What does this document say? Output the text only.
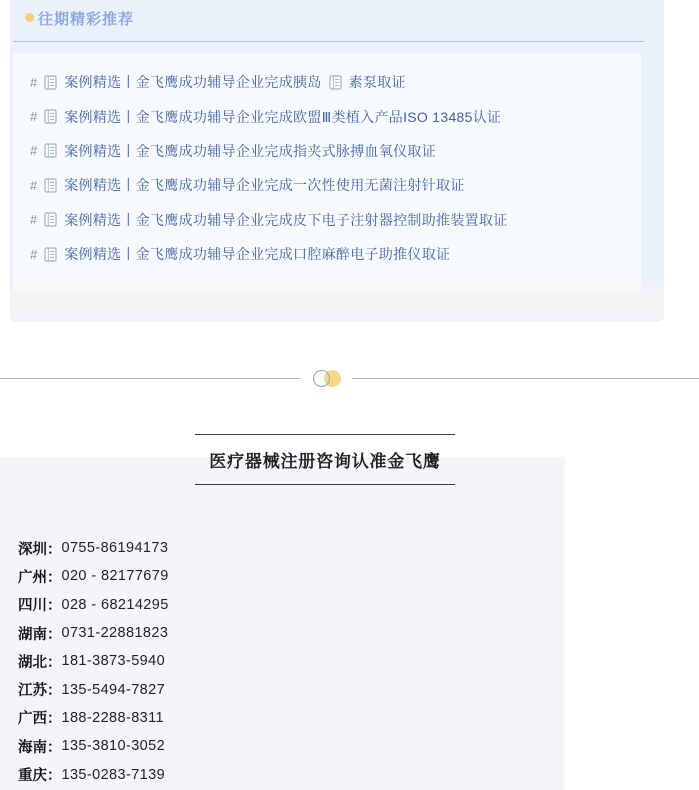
往期精彩推荐
# 案例精选丨金飞鹰成功辅导企业完成胰岛 素泵取证
# 案例精选丨金飞鹰成功辅导企业完成欧盟Ⅲ类植入产品ISO 13485认证
# 案例精选丨金飞鹰成功辅导企业完成指夹式脉搏血氧仪取证
# 案例精选丨金飞鹰成功辅导企业完成一次性使用无菌注射针取证
# 案例精选丨金飞鹰成功辅导企业完成皮下电子注射器控制助推装置取证
# 案例精选丨金飞鹰成功辅导企业完成口腔麻醉电子助推仪取证
医疗器械注册咨询认准金飞鹰
深圳： 0755-86194173
广州： 020 - 82177679
四川： 028 - 68214295
湖南： 0731-22881823
湖北： 181-3873-5940
江苏： 135-5494-7827
广西： 188-2288-8311
海南： 135-3810-3052
重庆： 135-0283-7139
